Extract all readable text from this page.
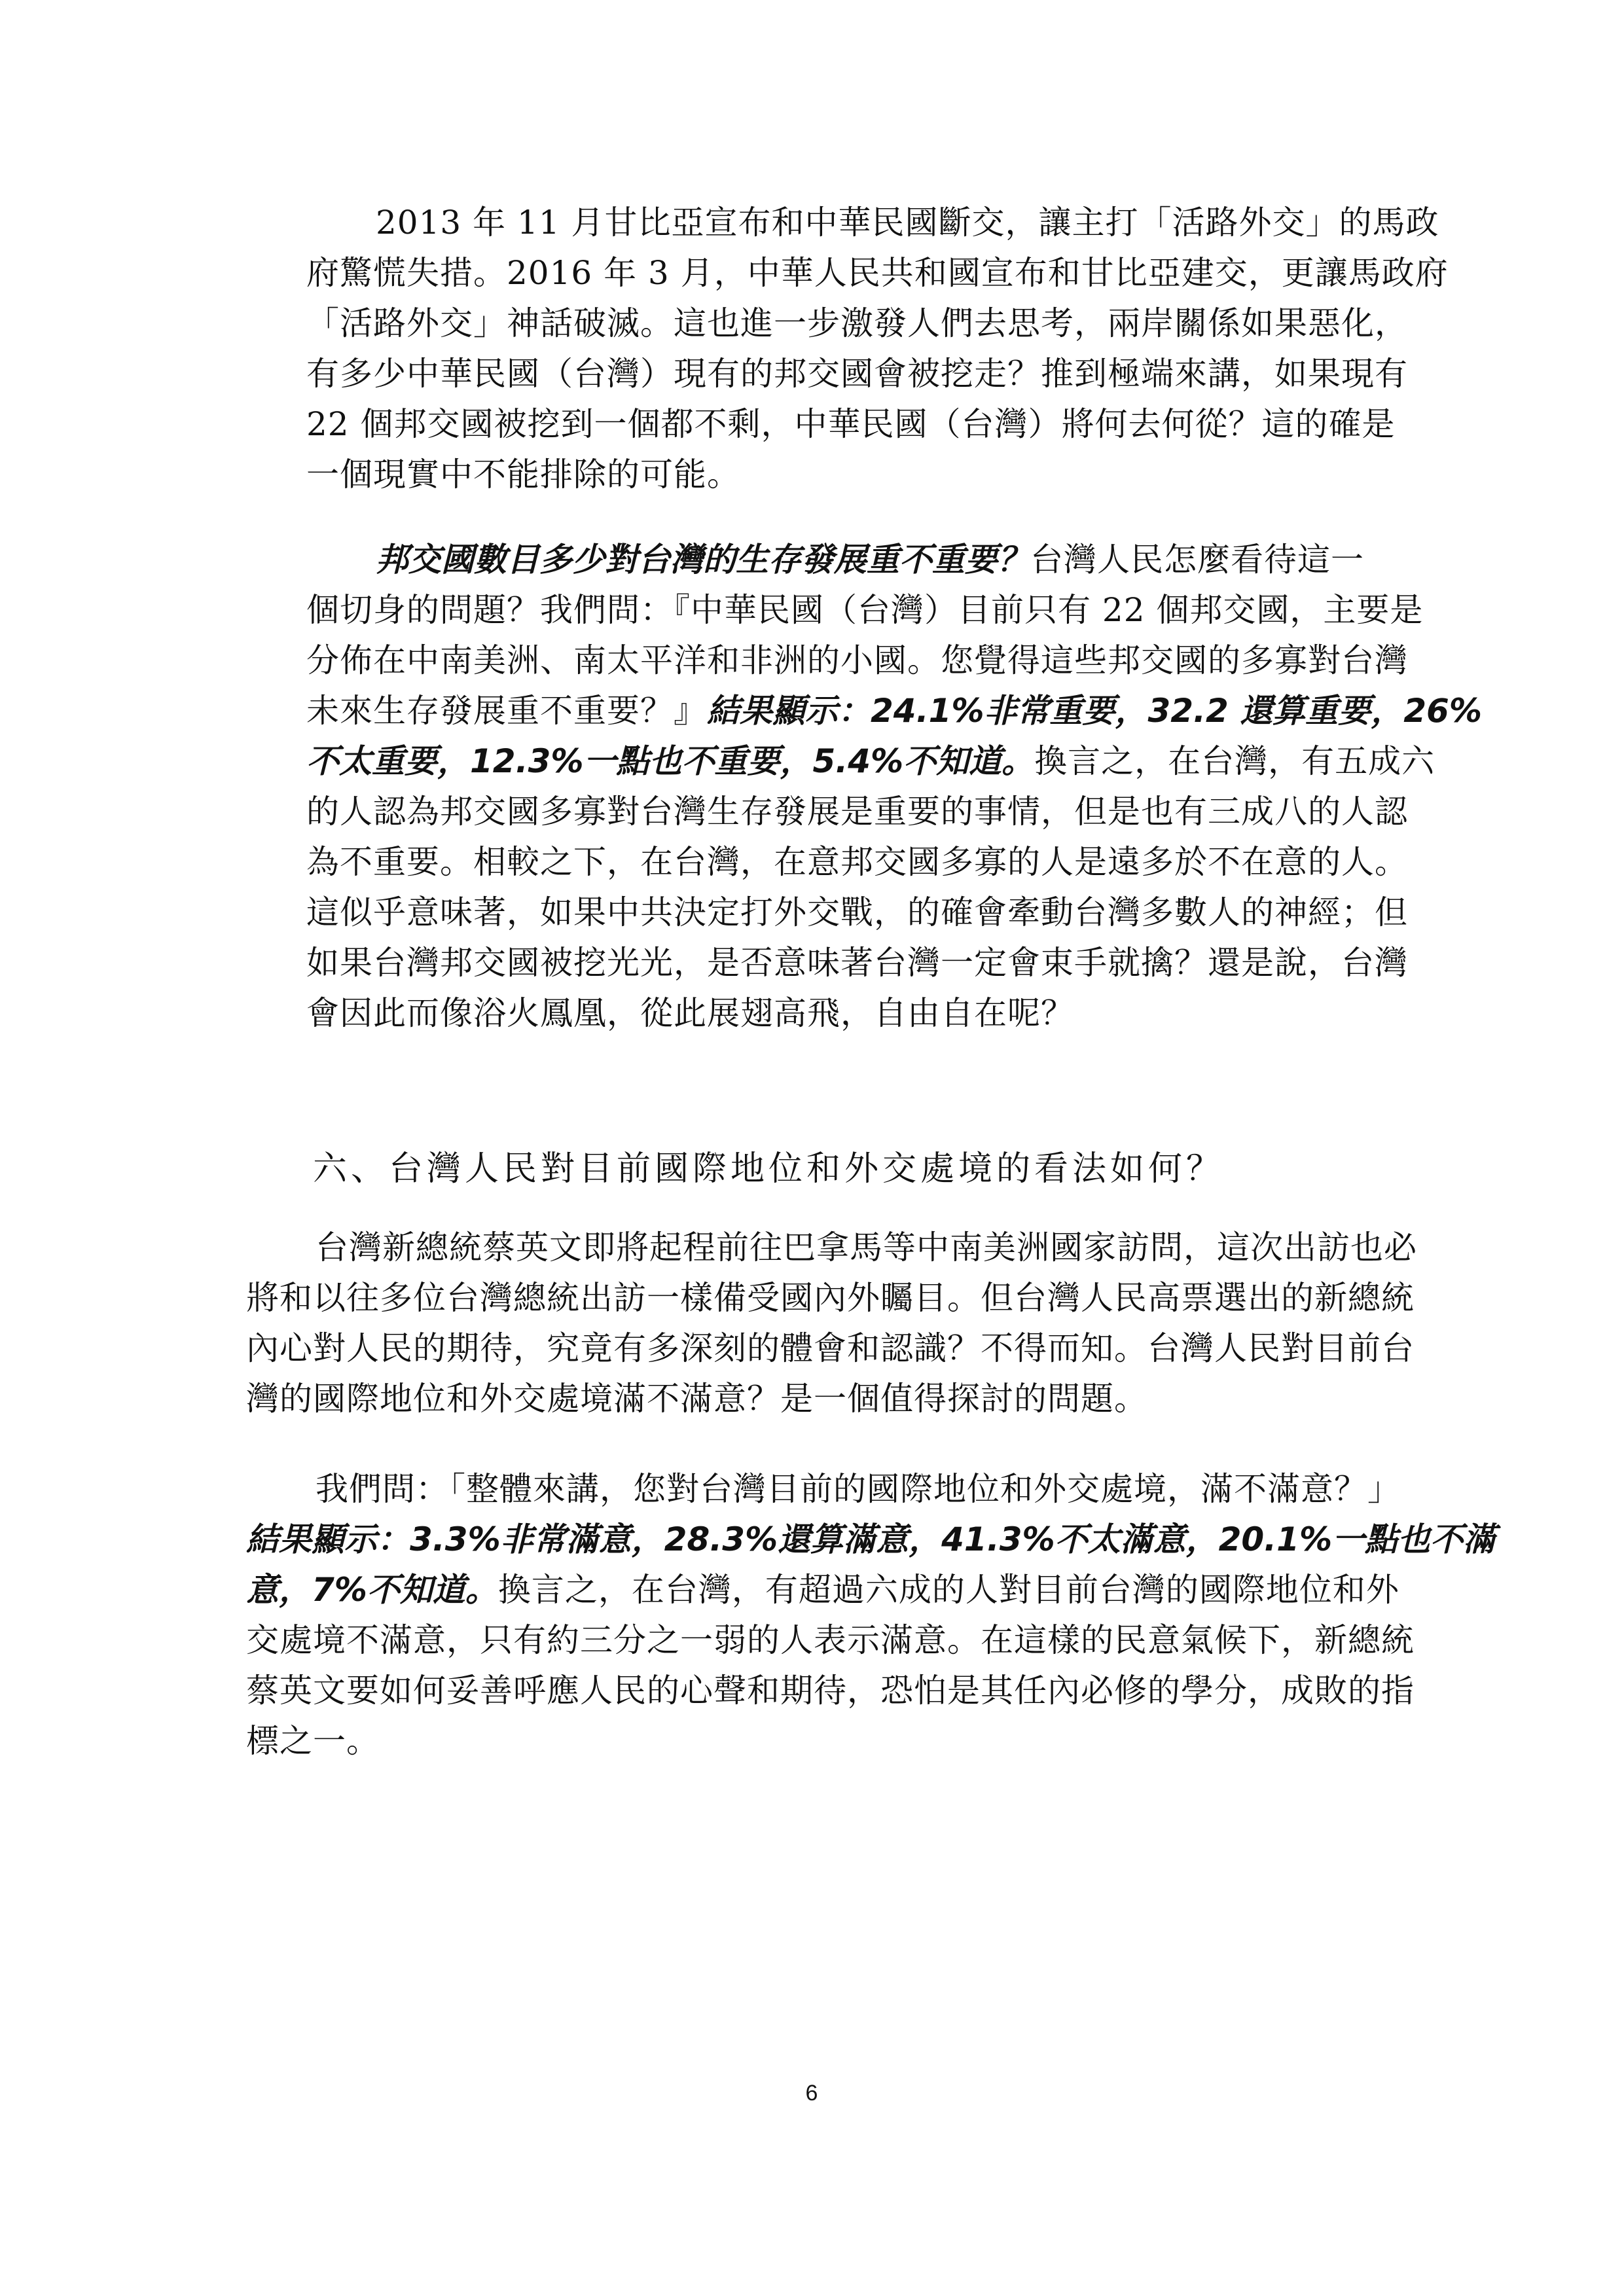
2013 年 11 月甘比亞宣布和中華民國斷交，讓主打「活路外交」的馬政
府驚慌失措。2016 年 3 月，中華人民共和國宣布和甘比亞建交，更讓馬政府
「活路外交」神話破滅。這也進一步激發人們去思考，兩岸關係如果惡化，
有多少中華民國（台灣）現有的邦交國會被挖走？推到極端來講，如果現有
22 個邦交國被挖到一個都不剩，中華民國（台灣）將何去何從？這的確是
一個現實中不能排除的可能。

邦交國數目多少對台灣的生存發展重不重要？台灣人民怎麼看待這一
個切身的問題？我們問：『中華民國（台灣）目前只有 22 個邦交國，主要是
分佈在中南美洲、南太平洋和非洲的小國。您覺得這些邦交國的多寡對台灣
未來生存發展重不重要？』結果顯示：24.1%非常重要，32.2 還算重要，26%
不太重要，12.3%一點也不重要，5.4%不知道。換言之，在台灣，有五成六
的人認為邦交國多寡對台灣生存發展是重要的事情，但是也有三成八的人認
為不重要。相較之下，在台灣，在意邦交國多寡的人是遠多於不在意的人。
這似乎意味著，如果中共決定打外交戰，的確會牽動台灣多數人的神經；但
如果台灣邦交國被挖光光，是否意味著台灣一定會束手就擒？還是說，台灣
會因此而像浴火鳳凰，從此展翅高飛，自由自在呢？

六、台灣人民對目前國際地位和外交處境的看法如何？

台灣新總統蔡英文即將起程前往巴拿馬等中南美洲國家訪問，這次出訪也必
將和以往多位台灣總統出訪一樣備受國內外矚目。但台灣人民高票選出的新總統
內心對人民的期待，究竟有多深刻的體會和認識？不得而知。台灣人民對目前台
灣的國際地位和外交處境滿不滿意？是一個值得探討的問題。

我們問：「整體來講，您對台灣目前的國際地位和外交處境，滿不滿意？」
結果顯示：3.3%非常滿意，28.3%還算滿意，41.3%不太滿意，20.1%一點也不滿
意，7%不知道。換言之，在台灣，有超過六成的人對目前台灣的國際地位和外
交處境不滿意，只有約三分之一弱的人表示滿意。在這樣的民意氣候下，新總統
蔡英文要如何妥善呼應人民的心聲和期待，恐怕是其任內必修的學分，成敗的指
標之一。

6
